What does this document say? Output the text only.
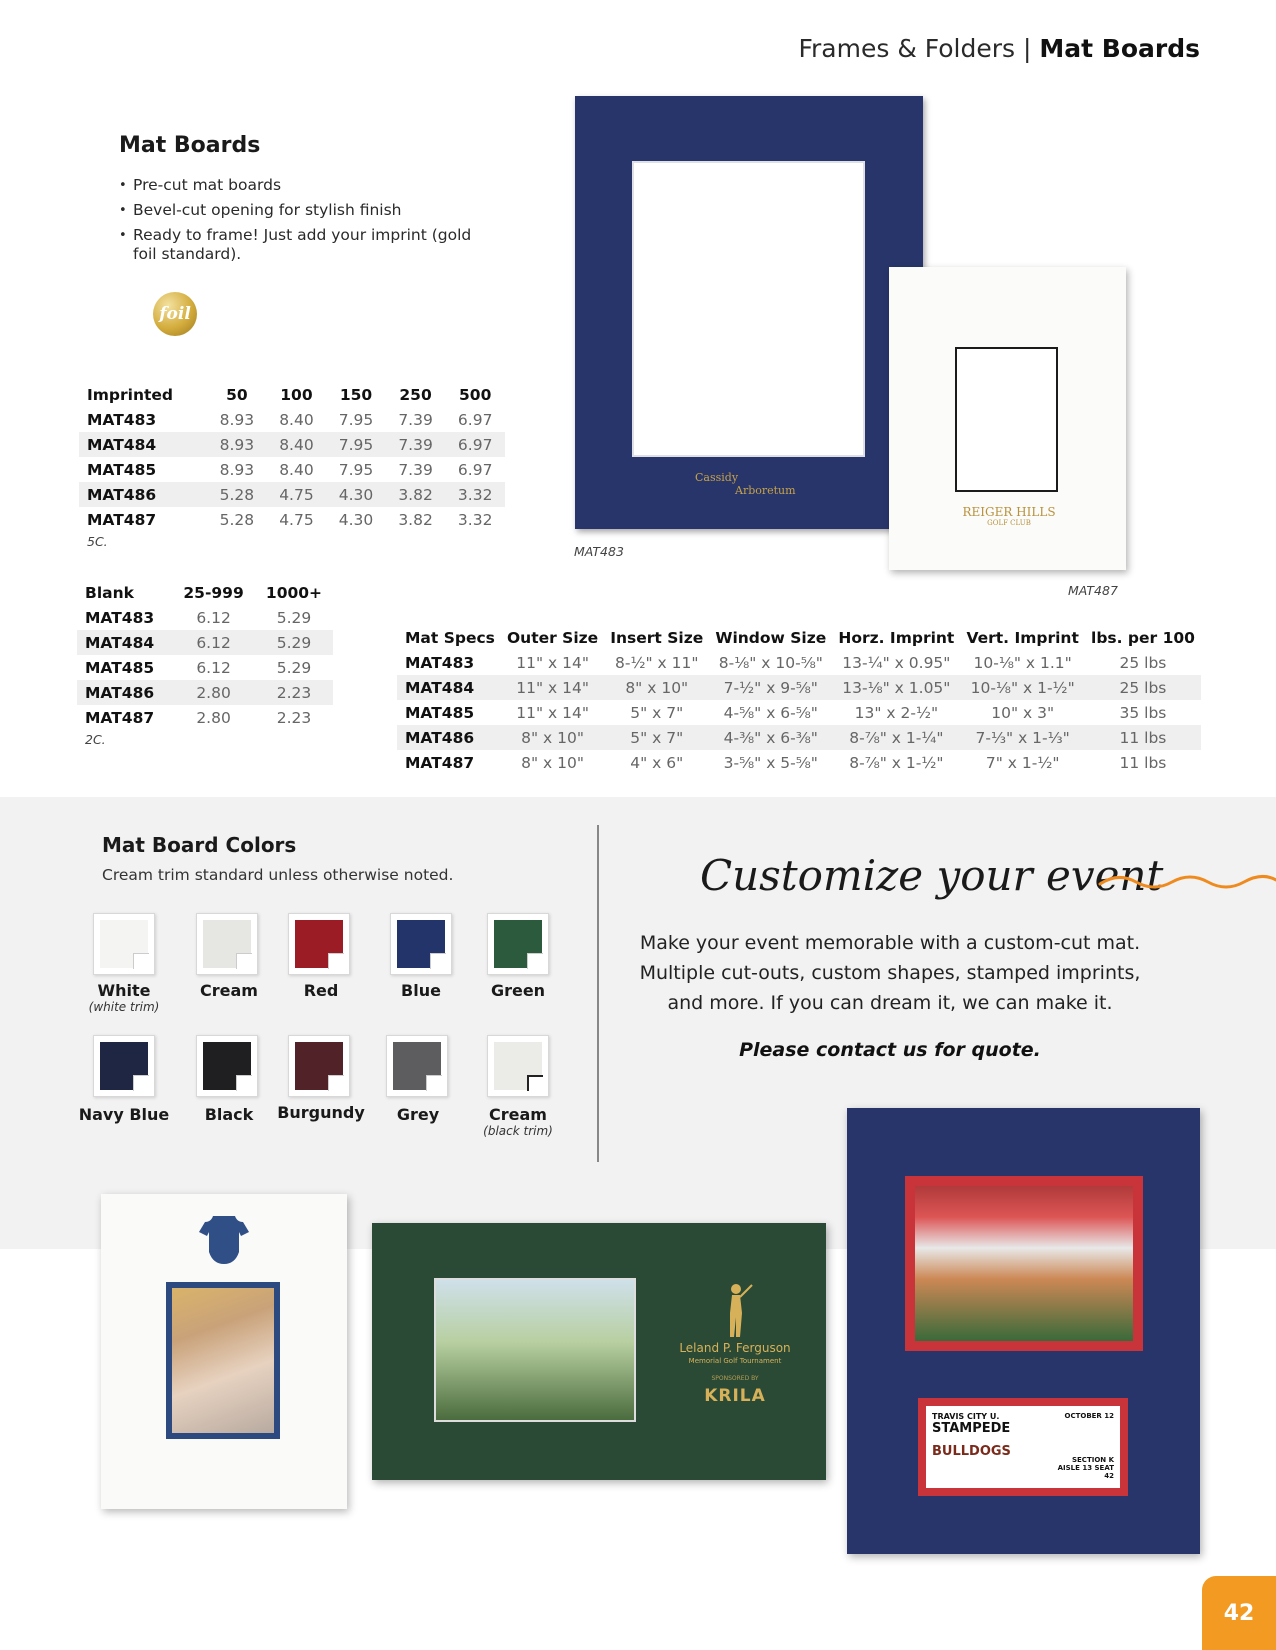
Frames & Folders | Mat Boards
Mat Boards
• Pre-cut mat boards
• Bevel-cut opening for stylish finish
• Ready to frame! Just add your imprint (gold foil standard).
foil
Imprinted	50	100	150	250	500
MAT483	8.93	8.40	7.95	7.39	6.97
MAT484	8.93	8.40	7.95	7.39	6.97
MAT485	8.93	8.40	7.95	7.39	6.97
MAT486	5.28	4.75	4.30	3.82	3.32
MAT487	5.28	4.75	4.30	3.82	3.32
5C.
Blank	25-999	1000+
MAT483	6.12	5.29
MAT484	6.12	5.29
MAT485	6.12	5.29
MAT486	2.80	2.23
MAT487	2.80	2.23
2C.
Mat Specs	Outer Size	Insert Size	Window Size	Horz. Imprint	Vert. Imprint	lbs. per 100
MAT483	11" x 14"	8-½" x 11"	8-⅛" x 10-⅝"	13-¼" x 0.95"	10-⅛" x 1.1"	25 lbs
MAT484	11" x 14"	8" x 10"	7-½" x 9-⅝"	13-⅛" x 1.05"	10-⅛" x 1-½"	25 lbs
MAT485	11" x 14"	5" x 7"	4-⅝" x 6-⅝"	13" x 2-½"	10" x 3"	35 lbs
MAT486	8" x 10"	5" x 7"	4-⅜" x 6-⅜"	8-⅞" x 1-¼"	7-⅓" x 1-⅓"	11 lbs
MAT487	8" x 10"	4" x 6"	3-⅝" x 5-⅝"	8-⅞" x 1-½"	7" x 1-½"	11 lbs
Cassidy
Arboretum
MAT483
REIGER HILLS
GOLF CLUB
MAT487
Mat Board Colors
Cream trim standard unless otherwise noted.
White
(white trim)
Cream	Red	Blue	Green
Navy Blue	Black	Burgundy	Grey	Cream
(black trim)
Customize your event
Make your event memorable with a custom-cut mat. Multiple cut-outs, custom shapes, stamped imprints, and more. If you can dream it, we can make it.
Please contact us for quote.
Leland P. Ferguson
Memorial Golf Tournament
SPONSORED BY
KRILA
TRAVIS CITY U.
STAMPEDE
BULLDOGS
OCTOBER 12
SECTION K AISLE 13 SEAT 42
42
